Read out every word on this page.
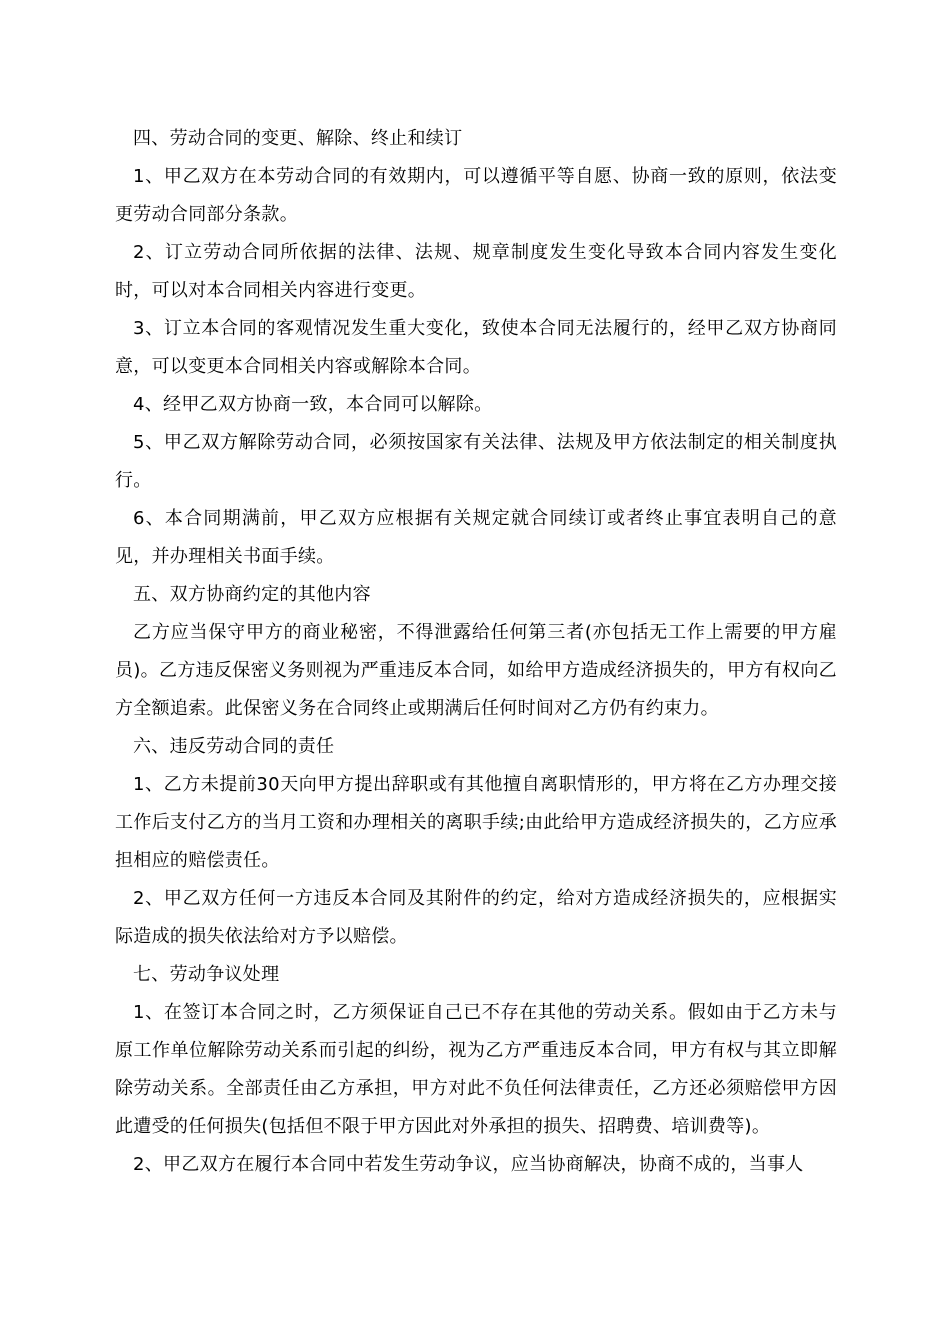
四、劳动合同的变更、解除、终止和续订

1、甲乙双方在本劳动合同的有效期内，可以遵循平等自愿、协商一致的原则，依法变更劳动合同部分条款。

2、订立劳动合同所依据的法律、法规、规章制度发生变化导致本合同内容发生变化时，可以对本合同相关内容进行变更。

3、订立本合同的客观情况发生重大变化，致使本合同无法履行的，经甲乙双方协商同意，可以变更本合同相关内容或解除本合同。

4、经甲乙双方协商一致，本合同可以解除。

5、甲乙双方解除劳动合同，必须按国家有关法律、法规及甲方依法制定的相关制度执行。

6、本合同期满前，甲乙双方应根据有关规定就合同续订或者终止事宜表明自己的意见，并办理相关书面手续。

五、双方协商约定的其他内容

乙方应当保守甲方的商业秘密，不得泄露给任何第三者(亦包括无工作上需要的甲方雇员)。乙方违反保密义务则视为严重违反本合同，如给甲方造成经济损失的，甲方有权向乙方全额追索。此保密义务在合同终止或期满后任何时间对乙方仍有约束力。

六、违反劳动合同的责任

1、乙方未提前30天向甲方提出辞职或有其他擅自离职情形的，甲方将在乙方办理交接工作后支付乙方的当月工资和办理相关的离职手续;由此给甲方造成经济损失的，乙方应承担相应的赔偿责任。

2、甲乙双方任何一方违反本合同及其附件的约定，给对方造成经济损失的，应根据实际造成的损失依法给对方予以赔偿。

七、劳动争议处理

1、在签订本合同之时，乙方须保证自己已不存在其他的劳动关系。假如由于乙方未与原工作单位解除劳动关系而引起的纠纷，视为乙方严重违反本合同，甲方有权与其立即解除劳动关系。全部责任由乙方承担，甲方对此不负任何法律责任，乙方还必须赔偿甲方因此遭受的任何损失(包括但不限于甲方因此对外承担的损失、招聘费、培训费等)。

2、甲乙双方在履行本合同中若发生劳动争议，应当协商解决，协商不成的，当事人
